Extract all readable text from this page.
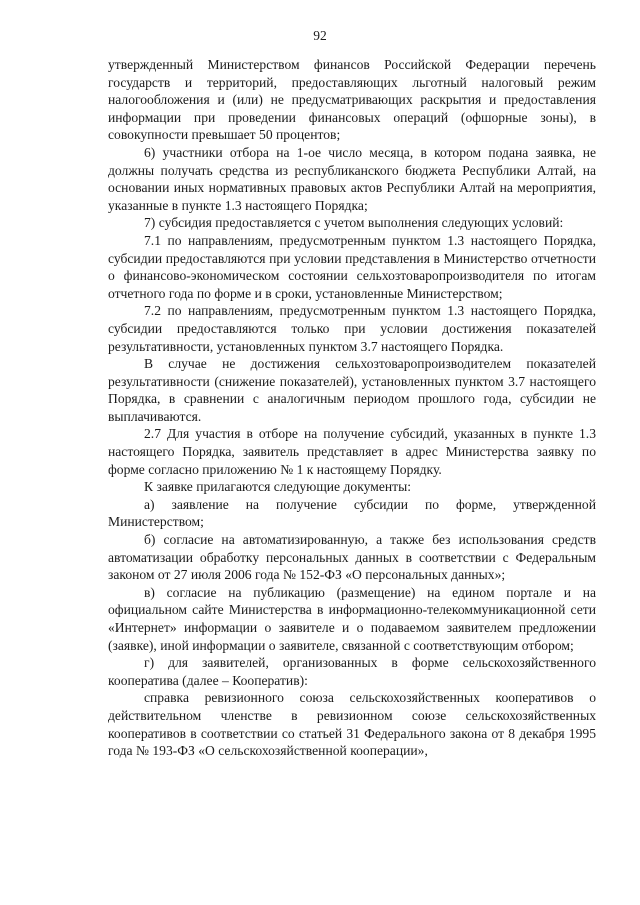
92

утвержденный Министерством финансов Российской Федерации перечень государств и территорий, предоставляющих льготный налоговый режим налогообложения и (или) не предусматривающих раскрытия и предоставления информации при проведении финансовых операций (офшорные зоны), в совокупности превышает 50 процентов;

6) участники отбора на 1-ое число месяца, в котором подана заявка, не должны получать средства из республиканского бюджета Республики Алтай, на основании иных нормативных правовых актов Республики Алтай на мероприятия, указанные в пункте 1.3 настоящего Порядка;

7) субсидия предоставляется с учетом выполнения следующих условий:

7.1 по направлениям, предусмотренным пунктом 1.3 настоящего Порядка, субсидии предоставляются при условии представления в Министерство отчетности о финансово-экономическом состоянии сельхозтоваропроизводителя по итогам отчетного года по форме и в сроки, установленные Министерством;

7.2 по направлениям, предусмотренным пунктом 1.3 настоящего Порядка, субсидии предоставляются только при условии достижения показателей результативности, установленных пунктом 3.7 настоящего Порядка.

В случае не достижения сельхозтоваропроизводителем показателей результативности (снижение показателей), установленных пунктом 3.7 настоящего Порядка, в сравнении с аналогичным периодом прошлого года, субсидии не выплачиваются.

2.7 Для участия в отборе на получение субсидий, указанных в пункте 1.3 настоящего Порядка, заявитель представляет в адрес Министерства заявку по форме согласно приложению № 1 к настоящему Порядку.

К заявке прилагаются следующие документы:

а) заявление на получение субсидии по форме, утвержденной Министерством;

б) согласие на автоматизированную, а также без использования средств автоматизации обработку персональных данных в соответствии с Федеральным законом от 27 июля 2006 года № 152-ФЗ «О персональных данных»;

в) согласие на публикацию (размещение) на едином портале и на официальном сайте Министерства в информационно-телекоммуникационной сети «Интернет» информации о заявителе и о подаваемом заявителем предложении (заявке), иной информации о заявителе, связанной с соответствующим отбором;

г) для заявителей, организованных в форме сельскохозяйственного кооператива (далее – Кооператив):

справка ревизионного союза сельскохозяйственных кооперативов о действительном членстве в ревизионном союзе сельскохозяйственных кооперативов в соответствии со статьей 31 Федерального закона от 8 декабря 1995 года № 193-ФЗ «О сельскохозяйственной кооперации»,
